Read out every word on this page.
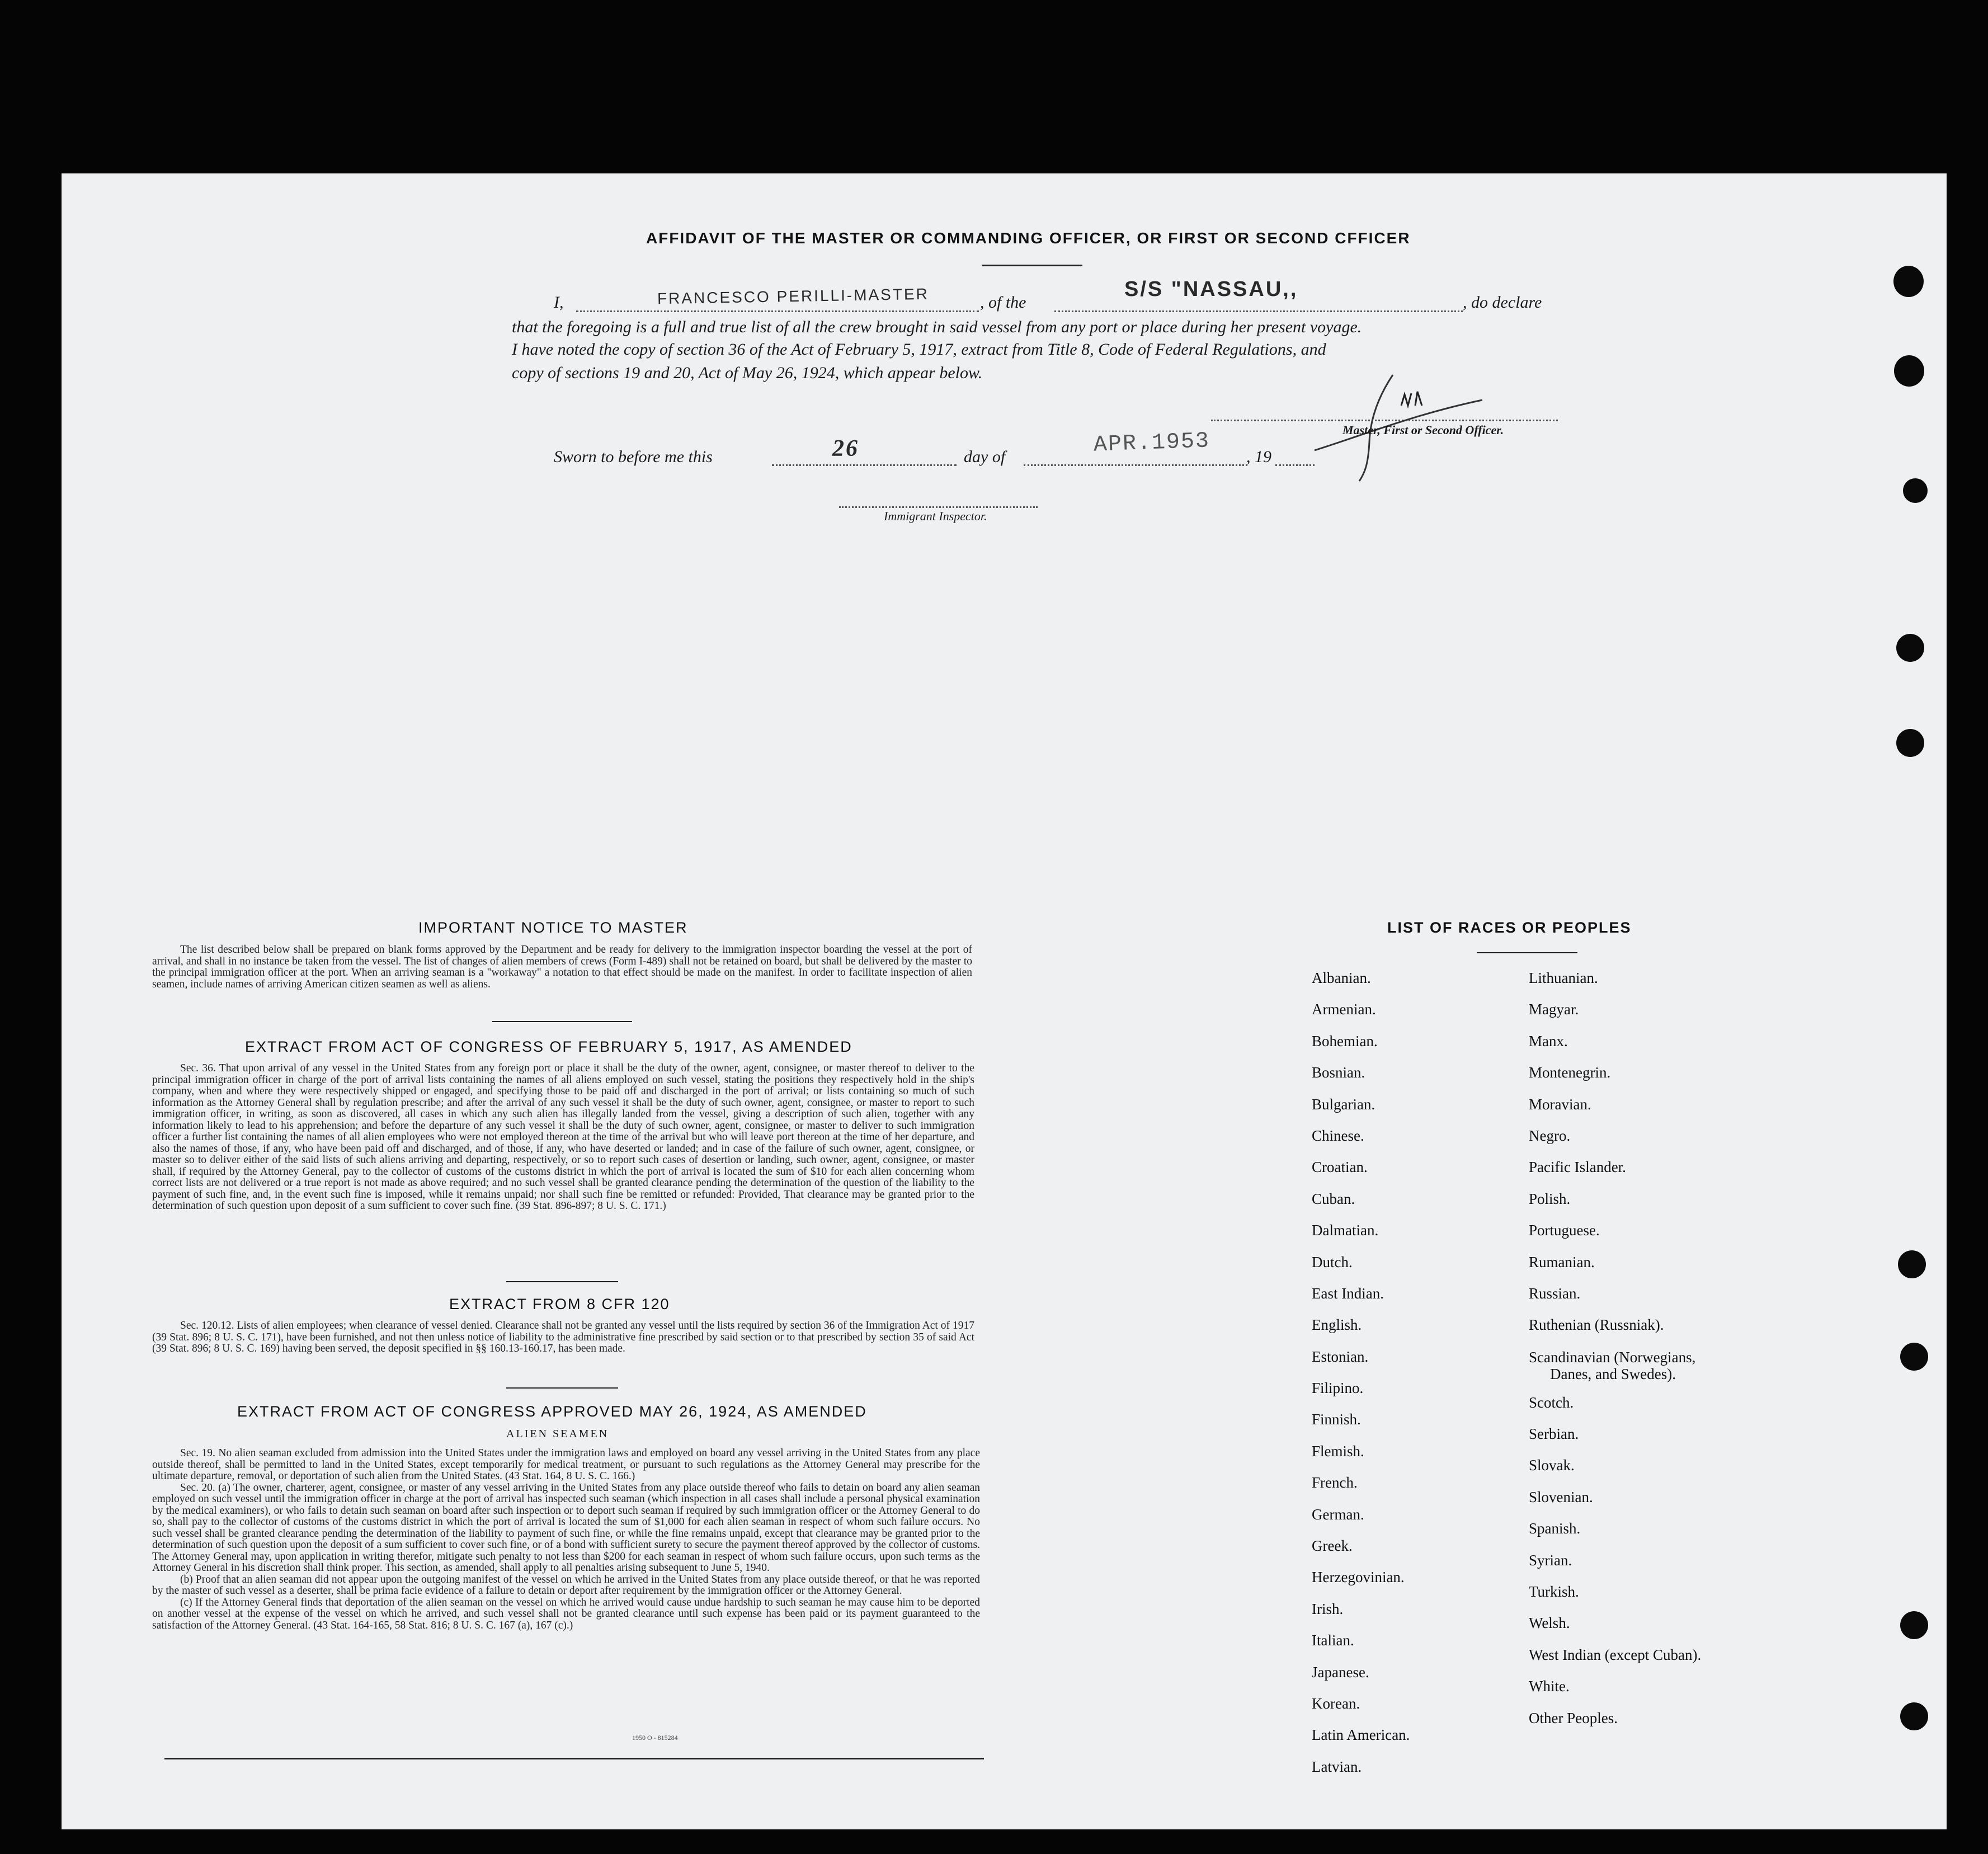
AFFIDAVIT OF THE MASTER OR COMMANDING OFFICER, OR FIRST OR SECOND CFFICER
I,	FRANCESCO PERILLI-MASTER	, of the
S/S "NASSAU,,
, do declare
that the foregoing is a full and true list of all the crew brought in said vessel from any port or place during her present voyage.
I have noted the copy of section 36 of the Act of February 5, 1917, extract from Title 8, Code of Federal Regulations, and
copy of sections 19 and 20, Act of May 26, 1924, which appear below.
Master, First or Second Officer.
Sworn to before me this	26	day of	APR.1953 , 19
Immigrant Inspector.
IMPORTANT NOTICE TO MASTER

The list described below shall be prepared on blank forms approved by the Department and be ready for delivery to the immigration inspector boarding the vessel at the port of arrival, and shall in no instance be taken from the vessel. The list of changes of alien members of crews (Form I-489) shall not be retained on board, but shall be delivered by the master to the principal immigration officer at the port. When an arriving seaman is a "workaway" a notation to that effect should be made on the manifest. In order to facilitate inspection of alien seamen, include names of arriving American citizen seamen as well as aliens.

EXTRACT FROM ACT OF CONGRESS OF FEBRUARY 5, 1917, AS AMENDED

Sec. 36. That upon arrival of any vessel in the United States from any foreign port or place it shall be the duty of the owner, agent, consignee, or master thereof to deliver to the principal immigration officer in charge of the port of arrival lists containing the names of all aliens employed on such vessel, stating the positions they respectively hold in the ship's company, when and where they were respectively shipped or engaged, and specifying those to be paid off and discharged in the port of arrival; or lists containing so much of such information as the Attorney General shall by regulation prescribe; and after the arrival of any such vessel it shall be the duty of such owner, agent, consignee, or master to report to such immigration officer, in writing, as soon as discovered, all cases in which any such alien has illegally landed from the vessel, giving a description of such alien, together with any information likely to lead to his apprehension; and before the departure of any such vessel it shall be the duty of such owner, agent, consignee, or master to deliver to such immigration officer a further list containing the names of all alien employees who were not employed thereon at the time of the arrival but who will leave port thereon at the time of her departure, and also the names of those, if any, who have been paid off and discharged, and of those, if any, who have deserted or landed; and in case of the failure of such owner, agent, consignee, or master so to deliver either of the said lists of such aliens arriving and departing, respectively, or so to report such cases of desertion or landing, such owner, agent, consignee, or master shall, if required by the Attorney General, pay to the collector of customs of the customs district in which the port of arrival is located the sum of $10 for each alien concerning whom correct lists are not delivered or a true report is not made as above required; and no such vessel shall be granted clearance pending the determination of the question of the liability to the payment of such fine, and, in the event such fine is imposed, while it remains unpaid; nor shall such fine be remitted or refunded: Provided, That clearance may be granted prior to the determination of such question upon deposit of a sum sufficient to cover such fine. (39 Stat. 896-897; 8 U. S. C. 171.)

EXTRACT FROM 8 CFR 120

Sec. 120.12. Lists of alien employees; when clearance of vessel denied. Clearance shall not be granted any vessel until the lists required by section 36 of the Immigration Act of 1917 (39 Stat. 896; 8 U. S. C. 171), have been furnished, and not then unless notice of liability to the administrative fine prescribed by said section or to that prescribed by section 35 of said Act (39 Stat. 896; 8 U. S. C. 169) having been served, the deposit specified in §§ 160.13-160.17, has been made.

EXTRACT FROM ACT OF CONGRESS APPROVED MAY 26, 1924, AS AMENDED
ALIEN SEAMEN

Sec. 19. No alien seaman excluded from admission into the United States under the immigration laws and employed on board any vessel arriving in the United States from any place outside thereof, shall be permitted to land in the United States, except temporarily for medical treatment, or pursuant to such regulations as the Attorney General may prescribe for the ultimate departure, removal, or deportation of such alien from the United States. (43 Stat. 164, 8 U. S. C. 166.)

Sec. 20. (a) The owner, charterer, agent, consignee, or master of any vessel arriving in the United States from any place outside thereof who fails to detain on board any alien seaman employed on such vessel until the immigration officer in charge at the port of arrival has inspected such seaman (which inspection in all cases shall include a personal physical examination by the medical examiners), or who fails to detain such seaman on board after such inspection or to deport such seaman if required by such immigration officer or the Attorney General to do so, shall pay to the collector of customs of the customs district in which the port of arrival is located the sum of $1,000 for each alien seaman in respect of whom such failure occurs. No such vessel shall be granted clearance pending the determination of the liability to payment of such fine, or while the fine remains unpaid, except that clearance may be granted prior to the determination of such question upon the deposit of a sum sufficient to cover such fine, or of a bond with sufficient surety to secure the payment thereof approved by the collector of customs. The Attorney General may, upon application in writing therefor, mitigate such penalty to not less than $200 for each seaman in respect of whom such failure occurs, upon such terms as the Attorney General in his discretion shall think proper. This section, as amended, shall apply to all penalties arising subsequent to June 5, 1940.

(b) Proof that an alien seaman did not appear upon the outgoing manifest of the vessel on which he arrived in the United States from any place outside thereof, or that he was reported by the master of such vessel as a deserter, shall be prima facie evidence of a failure to detain or deport after requirement by the immigration officer or the Attorney General.

(c) If the Attorney General finds that deportation of the alien seaman on the vessel on which he arrived would cause undue hardship to such seaman he may cause him to be deported on another vessel at the expense of the vessel on which he arrived, and such vessel shall not be granted clearance until such expense has been paid or its payment guaranteed to the satisfaction of the Attorney General. (43 Stat. 164-165, 58 Stat. 816; 8 U. S. C. 167 (a), 167 (c).)

1950 O - 815284
LIST OF RACES OR PEOPLES
Albanian.
Armenian.
Bohemian.
Bosnian.
Bulgarian.
Chinese.
Croatian.
Cuban.
Dalmatian.
Dutch.
East Indian.
English.
Estonian.
Filipino.
Finnish.
Flemish.
French.
German.
Greek.
Herzegovinian.
Irish.
Italian.
Japanese.
Korean.
Latin American.
Latvian.
Lithuanian.
Magyar.
Manx.
Montenegrin.
Moravian.
Negro.
Pacific Islander.
Polish.
Portuguese.
Rumanian.
Russian.
Ruthenian (Russniak).
Scandinavian (Norwegians,
Danes, and Swedes).
Scotch.
Serbian.
Slovak.
Slovenian.
Spanish.
Syrian.
Turkish.
Welsh.
West Indian (except Cuban).
White.
Other Peoples.
